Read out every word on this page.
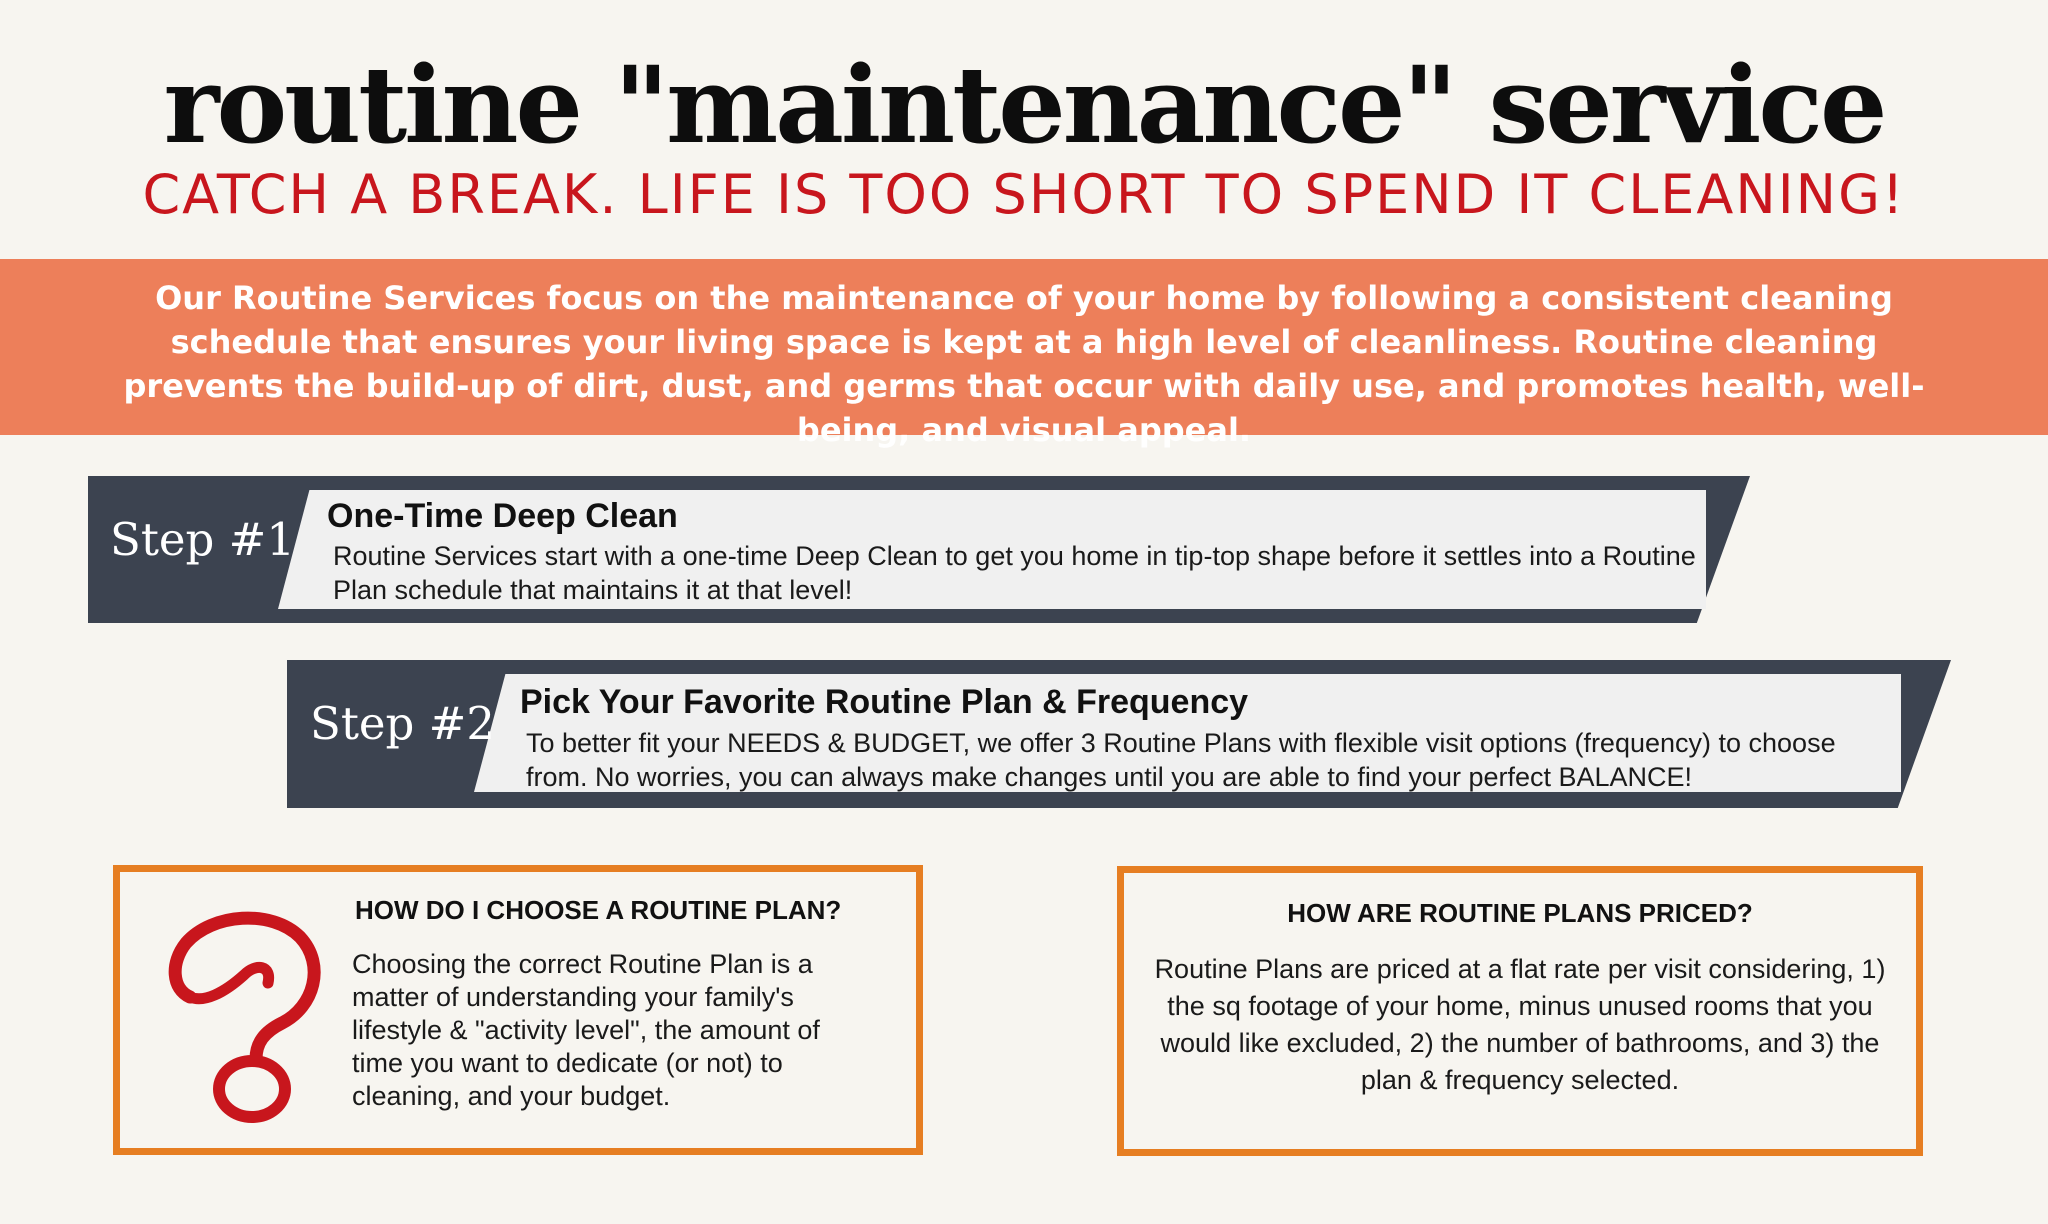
routine "maintenance" service

CATCH A BREAK. LIFE IS TOO SHORT TO SPEND IT CLEANING!

Our Routine Services focus on the maintenance of your home by following a consistent cleaning schedule that ensures your living space is kept at a high level of cleanliness. Routine cleaning prevents the build-up of dirt, dust, and germs that occur with daily use, and promotes health, well-being, and visual appeal.

Step #1 One-Time Deep Clean

Routine Services start with a one-time Deep Clean to get you home in tip-top shape before it settles into a Routine Plan schedule that maintains it at that level!

Step #2 Pick Your Favorite Routine Plan & Frequency

To better fit your NEEDS & BUDGET, we offer 3 Routine Plans with flexible visit options (frequency) to choose from. No worries, you can always make changes until you are able to find your perfect BALANCE!

HOW DO I CHOOSE A ROUTINE PLAN?

Choosing the correct Routine Plan is a matter of understanding your family's lifestyle & "activity level", the amount of time you want to dedicate (or not) to cleaning, and your budget.

HOW ARE ROUTINE PLANS PRICED?

Routine Plans are priced at a flat rate per visit considering, 1) the sq footage of your home, minus unused rooms that you would like excluded, 2) the number of bathrooms, and 3) the plan & frequency selected.
